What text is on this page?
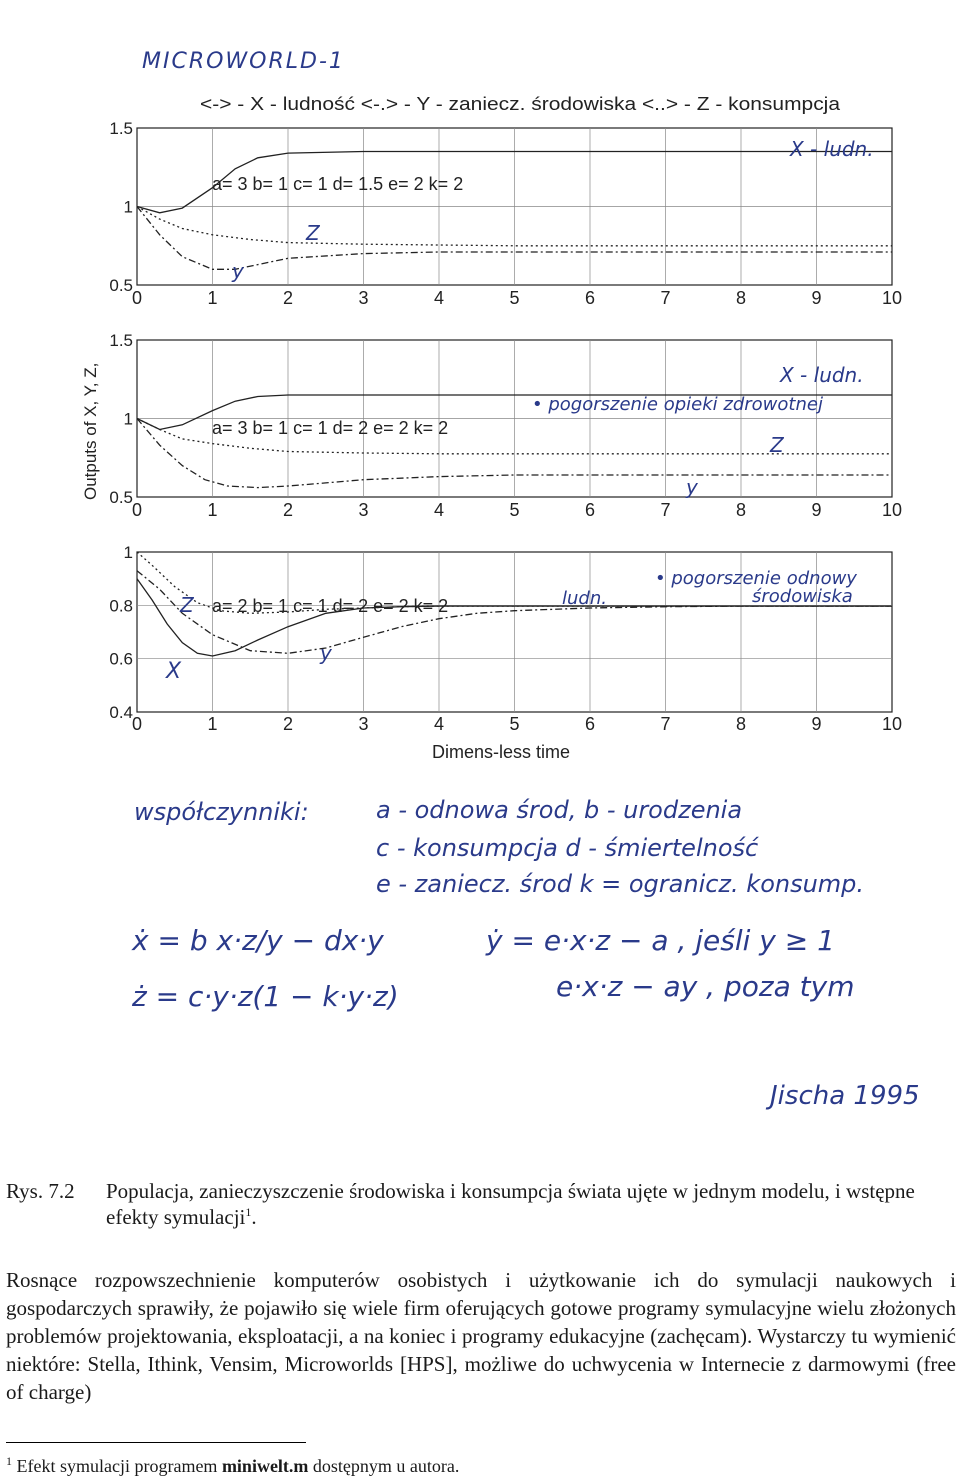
MICROWORLD-1
<-> - X - ludność <-.> - Y - zaniecz. środowiska <..> - Z - konsumpcja
Outputs of X, Y, Z,
0	1	2	3	4	5	6	7	8	9	10
1.5
1
0.5
a= 3 b= 1 c= 1 d= 1.5 e= 2 k= 2
0	1	2	3	4	5	6	7	8	9	10
1.5
1
0.5
a= 3 b= 1 c= 1 d= 2 e= 2 k= 2
0	1	2	3	4	5	6	7	8	9	10
1
0.8
0.6
0.4
a= 2 b= 1 c= 1 d= 2 e= 2 k= 2
Dimens-less time
X - ludn.
Z
y
X - ludn.
• pogorszenie opieki zdrowotnej
Z
y
Z	ludn.
• pogorszenie odnowy
środowiska
X
y
współczynniki:	a - odnowa środ, b - urodzenia
c - konsumpcja d - śmiertelność
e - zaniecz. środ k = ogranicz. konsump.
ẋ = b x·z/y − dx·y
ż = c·y·z(1 − k·y·z)
ẏ = e·x·z − a , jeśli y ≥ 1
e·x·z − ay , poza tym
Jischa 1995
Rys. 7.2 Populacja, zanieczyszczenie środowiska i konsumpcja świata ujęte w jednym modelu, i wstępne efekty symulacji$^1$.
Rosnące rozpowszechnienie komputerów osobistych i użytkowanie ich do symulacji naukowych i gospodarczych sprawiły, że pojawiło się wiele firm oferujących gotowe programy symulacyjne wielu złożonych problemów projektowania, eksploatacji, a na koniec i programy edukacyjne (zachęcam). Wystarczy tu wymienić niektóre: Stella, Ithink, Vensim, Microworlds [HPS], możliwe do uchwycenia w Internecie z darmowymi (free of charge)
$^1$ Efekt symulacji programem miniwelt.m dostępnym u autora.
